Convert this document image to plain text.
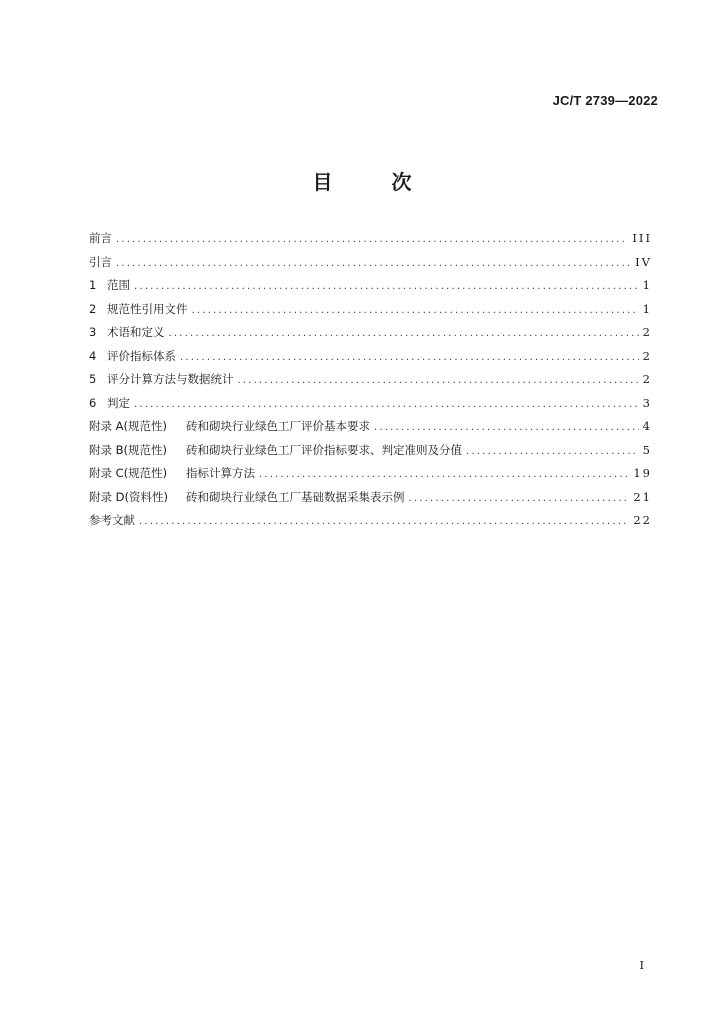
JC/T 2739—2022
目 次
前言 .....	III
引言 .....	IV
1 范围 .....	1
2 规范性引用文件 .....	1
3 术语和定义 .....	2
4 评价指标体系 .....	2
5 评分计算方法与数据统计 .....	2
6 判定 .....	3
附录 A(规范性)	砖和砌块行业绿色工厂评价基本要求 .....	4
附录 B(规范性)	砖和砌块行业绿色工厂评价指标要求、判定准则及分值 .....	5
附录 C(规范性)	指标计算方法 .....	19
附录 D(资料性)	砖和砌块行业绿色工厂基础数据采集表示例 .....	21
参考文献 .....	22
I
